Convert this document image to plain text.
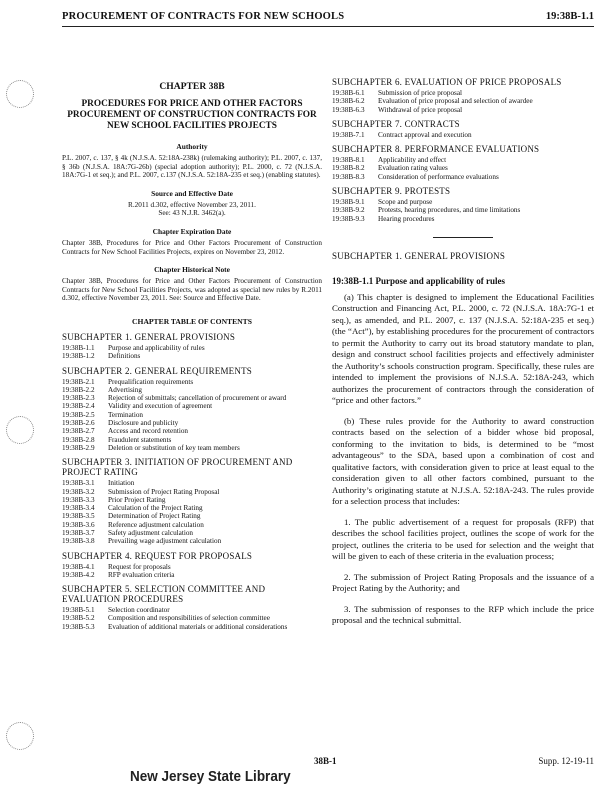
PROCUREMENT OF CONTRACTS FOR NEW SCHOOLS	19:38B-1.1
CHAPTER 38B
PROCEDURES FOR PRICE AND OTHER FACTORS PROCUREMENT OF CONSTRUCTION CONTRACTS FOR NEW SCHOOL FACILITIES PROJECTS
Authority
P.L. 2007, c. 137, § 4k (N.J.S.A. 52:18A-238k) (rulemaking authority); P.L. 2007, c. 137, § 36b (N.J.S.A. 18A:7G-26b) (special adoption authority); P.L. 2000, c. 72 (N.J.S.A. 18A:7G-1 et seq.); and P.L. 2007, c.137 (N.J.S.A. 52:18A-235 et seq.) (enabling statutes).
Source and Effective Date
R.2011 d.302, effective November 23, 2011.
See: 43 N.J.R. 3462(a).
Chapter Expiration Date
Chapter 38B, Procedures for Price and Other Factors Procurement of Construction Contracts for New School Facilities Projects, expires on November 23, 2012.
Chapter Historical Note
Chapter 38B, Procedures for Price and Other Factors Procurement of Construction Contracts for New School Facilities Projects, was adopted as special new rules by R.2011 d.302, effective November 23, 2011. See: Source and Effective Date.
CHAPTER TABLE OF CONTENTS
SUBCHAPTER 1. GENERAL PROVISIONS
19:38B-1.1	Purpose and applicability of rules
19:38B-1.2	Definitions
SUBCHAPTER 2. GENERAL REQUIREMENTS
19:38B-2.1	Prequalification requirements
19:38B-2.2	Advertising
19:38B-2.3	Rejection of submittals; cancellation of procurement or award
19:38B-2.4	Validity and execution of agreement
19:38B-2.5	Termination
19:38B-2.6	Disclosure and publicity
19:38B-2.7	Access and record retention
19:38B-2.8	Fraudulent statements
19:38B-2.9	Deletion or substitution of key team members
SUBCHAPTER 3. INITIATION OF PROCUREMENT AND PROJECT RATING
19:38B-3.1	Initiation
19:38B-3.2	Submission of Project Rating Proposal
19:38B-3.3	Prior Project Rating
19:38B-3.4	Calculation of the Project Rating
19:38B-3.5	Determination of Project Rating
19:38B-3.6	Reference adjustment calculation
19:38B-3.7	Safety adjustment calculation
19:38B-3.8	Prevailing wage adjustment calculation
SUBCHAPTER 4. REQUEST FOR PROPOSALS
19:38B-4.1	Request for proposals
19:38B-4.2	RFP evaluation criteria
SUBCHAPTER 5. SELECTION COMMITTEE AND EVALUATION PROCEDURES
19:38B-5.1	Selection coordinator
19:38B-5.2	Composition and responsibilities of selection committee
19:38B-5.3	Evaluation of additional materials or additional considerations
SUBCHAPTER 6. EVALUATION OF PRICE PROPOSALS
19:38B-6.1	Submission of price proposal
19:38B-6.2	Evaluation of price proposal and selection of awardee
19:38B-6.3	Withdrawal of price proposal
SUBCHAPTER 7. CONTRACTS
19:38B-7.1	Contract approval and execution
SUBCHAPTER 8. PERFORMANCE EVALUATIONS
19:38B-8.1	Applicability and effect
19:38B-8.2	Evaluation rating values
19:38B-8.3	Consideration of performance evaluations
SUBCHAPTER 9. PROTESTS
19:38B-9.1	Scope and purpose
19:38B-9.2	Protests, hearing procedures, and time limitations
19:38B-9.3	Hearing procedures
SUBCHAPTER 1. GENERAL PROVISIONS
19:38B-1.1 Purpose and applicability of rules

(a) This chapter is designed to implement the Educational Facilities Construction and Financing Act, P.L. 2000, c. 72 (N.J.S.A. 18A:7G-1 et seq.), as amended, and P.L. 2007, c. 137 (N.J.S.A. 52:18A-235 et seq.) (the “Act”), by establishing procedures for the procurement of contractors to permit the Authority to carry out its broad statutory mandate to plan, design and construct school facilities projects and effectively administer the Authority’s schools construction program. Specifically, these rules are intended to implement the provisions of N.J.S.A. 52:18A-243, which authorizes the procurement of contractors through the consideration of “price and other factors.”

(b) These rules provide for the Authority to award construction contracts based on the selection of a bidder whose bid proposal, conforming to the invitation to bids, is determined to be “most advantageous” to the SDA, based upon a combination of cost and qualitative factors, with consideration given to price at least equal to the consideration given to all other factors combined, pursuant to the Authority’s originating statute at N.J.S.A. 52:18A-243. The rules provide for a selection process that includes:

1. The public advertisement of a request for proposals (RFP) that describes the school facilities project, outlines the scope of work for the project, outlines the criteria to be used for selection and the weight that will be given to each of these criteria in the evaluation process;

2. The submission of Project Rating Proposals and the issuance of a Project Rating by the Authority; and

3. The submission of responses to the RFP which include the price proposal and the technical submittal.

38B-1	Supp. 12-19-11
New Jersey State Library
